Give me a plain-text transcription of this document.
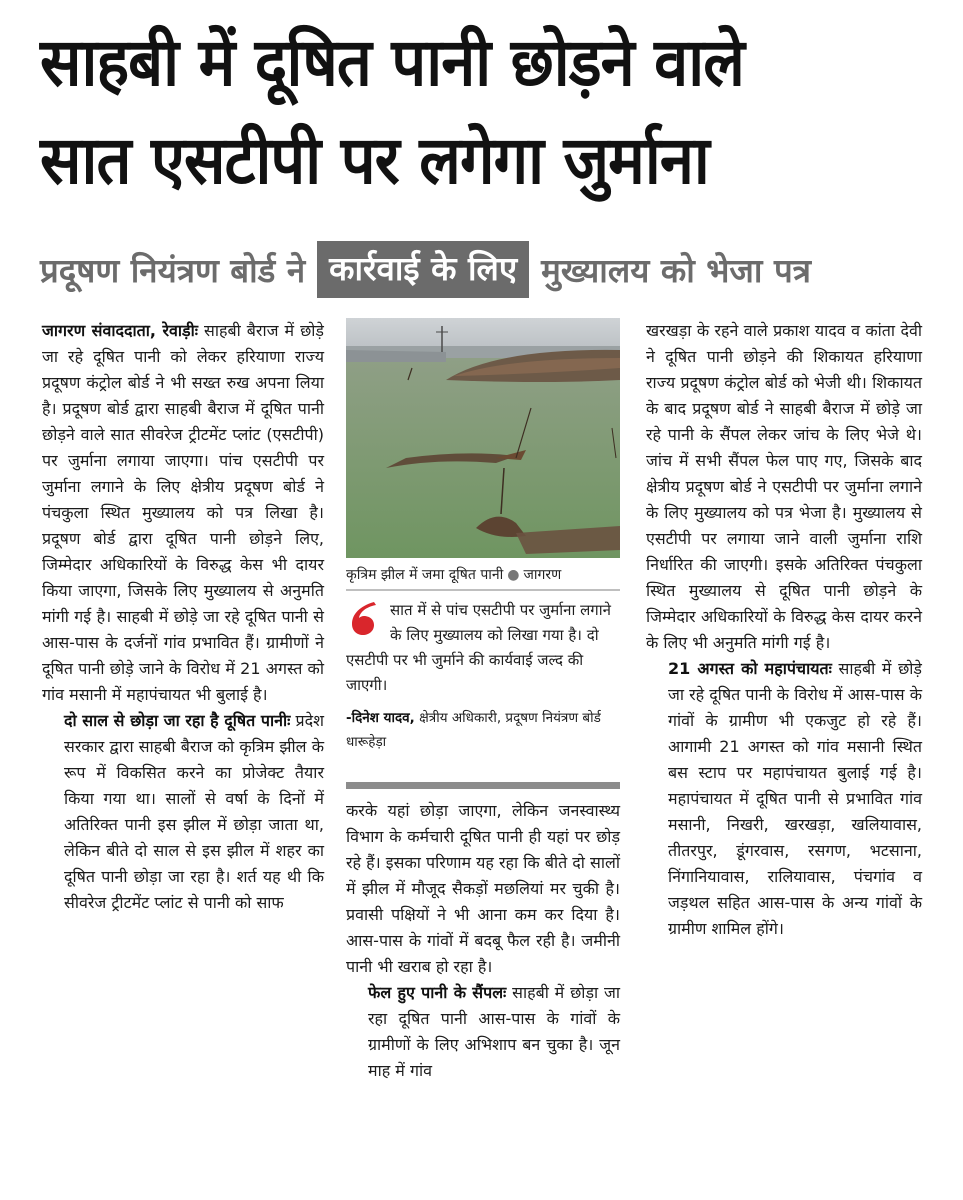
साहबी में दूषित पानी छोड़ने वाले
सात एसटीपी पर लगेगा जुर्माना
प्रदूषण नियंत्रण बोर्ड ने कार्रवाई के लिए मुख्यालय को भेजा पत्र

जागरण संवाददाता, रेवाड़ीः साहबी बैराज में छोड़े जा रहे दूषित पानी को लेकर हरियाणा राज्य प्रदूषण कंट्रोल बोर्ड ने भी सख्त रुख अपना लिया है। प्रदूषण बोर्ड द्वारा साहबी बैराज में दूषित पानी छोड़ने वाले सात सीवरेज ट्रीटमेंट प्लांट (एसटीपी) पर जुर्माना लगाया जाएगा। पांच एसटीपी पर जुर्माना लगाने के लिए क्षेत्रीय प्रदूषण बोर्ड ने पंचकुला स्थित मुख्यालय को पत्र लिखा है। प्रदूषण बोर्ड द्वारा दूषित पानी छोड़ने लिए, जिम्मेदार अधिकारियों के विरुद्ध केस भी दायर किया जाएगा, जिसके लिए मुख्यालय से अनुमति मांगी गई है। साहबी में छोड़े जा रहे दूषित पानी से आस-पास के दर्जनों गांव प्रभावित हैं। ग्रामीणों ने दूषित पानी छोड़े जाने के विरोध में 21 अगस्त को गांव मसानी में महापंचायत भी बुलाई है।

दो साल से छोड़ा जा रहा है दूषित पानीः प्रदेश सरकार द्वारा साहबी बैराज को कृत्रिम झील के रूप में विकसित करने का प्रोजेक्ट तैयार किया गया था। सालों से वर्षा के दिनों में अतिरिक्त पानी इस झील में छोड़ा जाता था, लेकिन बीते दो साल से इस झील में शहर का दूषित पानी छोड़ा जा रहा है। शर्त यह थी कि सीवरेज ट्रीटमेंट प्लांट से पानी को साफ

कृत्रिम झील में जमा दूषित पानी ● जागरण
सात में से पांच एसटीपी पर जुर्माना लगाने के लिए मुख्यालय को लिखा गया है। दो एसटीपी पर भी जुर्माने की कार्यवाई जल्द की जाएगी।
-दिनेश यादव, क्षेत्रीय अधिकारी, प्रदूषण नियंत्रण बोर्ड धारूहेड़ा

करके यहां छोड़ा जाएगा, लेकिन जनस्वास्थ्य विभाग के कर्मचारी दूषित पानी ही यहां पर छोड़ रहे हैं। इसका परिणाम यह रहा कि बीते दो सालों में झील में मौजूद सैकड़ों मछलियां मर चुकी है। प्रवासी पक्षियों ने भी आना कम कर दिया है। आस-पास के गांवों में बदबू फैल रही है। जमीनी पानी भी खराब हो रहा है।

फेल हुए पानी के सैंपलः साहबी में छोड़ा जा रहा दूषित पानी आस-पास के गांवों के ग्रामीणों के लिए अभिशाप बन चुका है। जून माह में गांव

खरखड़ा के रहने वाले प्रकाश यादव व कांता देवी ने दूषित पानी छोड़ने की शिकायत हरियाणा राज्य प्रदूषण कंट्रोल बोर्ड को भेजी थी। शिकायत के बाद प्रदूषण बोर्ड ने साहबी बैराज में छोड़े जा रहे पानी के सैंपल लेकर जांच के लिए भेजे थे। जांच में सभी सैंपल फेल पाए गए, जिसके बाद क्षेत्रीय प्रदूषण बोर्ड ने एसटीपी पर जुर्माना लगाने के लिए मुख्यालय को पत्र भेजा है। मुख्यालय से एसटीपी पर लगाया जाने वाली जुर्माना राशि निर्धारित की जाएगी। इसके अतिरिक्त पंचकुला स्थित मुख्यालय से दूषित पानी छोड़ने के जिम्मेदार अधिकारियों के विरुद्ध केस दायर करने के लिए भी अनुमति मांगी गई है।

21 अगस्त को महापंचायतः साहबी में छोड़े जा रहे दूषित पानी के विरोध में आस-पास के गांवों के ग्रामीण भी एकजुट हो रहे हैं। आगामी 21 अगस्त को गांव मसानी स्थित बस स्टाप पर महापंचायत बुलाई गई है। महापंचायत में दूषित पानी से प्रभावित गांव मसानी, निखरी, खरखड़ा, खलियावास, तीतरपुर, डूंगरवास, रसगण, भटसाना, निंगानियावास, रालियावास, पंचगांव व जड़थल सहित आस-पास के अन्य गांवों के ग्रामीण शामिल होंगे।
